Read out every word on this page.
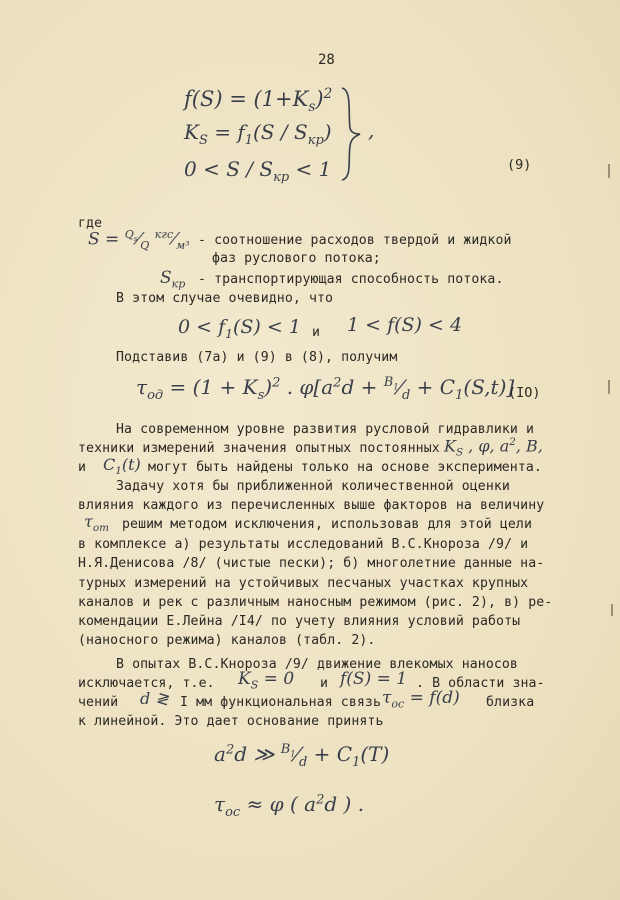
28
$f(S) = (1+K_s)^2$
$K_S = f_1(S / S_{кр})$
$0 < S / S_{кр} < 1$
,
(9)
где
$S = ^{Q_s}⁄_Q$ $^{кгс}⁄_{м^3}$ - соотношение расходов твердой и жидкой
фаз руслового потока;
$S_{кр}$ - транспортирующая способность потока.
В этом случае очевидно, что
$0 < f_1(S) < 1$ и 1 < f(S) < 4
Подставив (7а) и (9) в (8), получим
$\tau_{од} = (1 + K_s)^2$ . $\varphi[a^2d$ + $^{B_1}⁄_d + C_1(S,t)$]
(IO)
На современном уровне развития русловой гидравлики и
техники измерений значения опытных постоянных $K_S$ , φ, $a^2$, B,
и $C_1(t)$ могут быть найдены только на основе эксперимента.
Задачу хотя бы приближенной количественной оценки
влияния каждого из перечисленных выше факторов на величину
$\tau_{от}$ решим методом исключения, использовав для этой цели
в комплексе а) результаты исследований В.С.Кнороза /9/ и
Н.Я.Денисова /8/ (чистые пески); б) многолетние данные на-
турных измерений на устойчивых песчаных участках крупных
каналов и рек с различным наносным режимом (рис. 2), в) ре-
комендации Е.Лейна /I4/ по учету влияния условий работы
(наносного режима) каналов (табл. 2).
В опытах В.С.Кнороза /9/ движение влекомых наносов
исключается, т.е. $K_S = 0$ и f(S) = 1 . В области зна-
чений d ≷ I мм функциональная связь $\tau_{ос} = f(d)$ близка
к линейной. Это дает основание принять
$a^2d$ ≫ $^{B_1}⁄_d + C_1(T)$
$\tau_{ос} \approx \varphi$ ( $a^2d$ ) .
